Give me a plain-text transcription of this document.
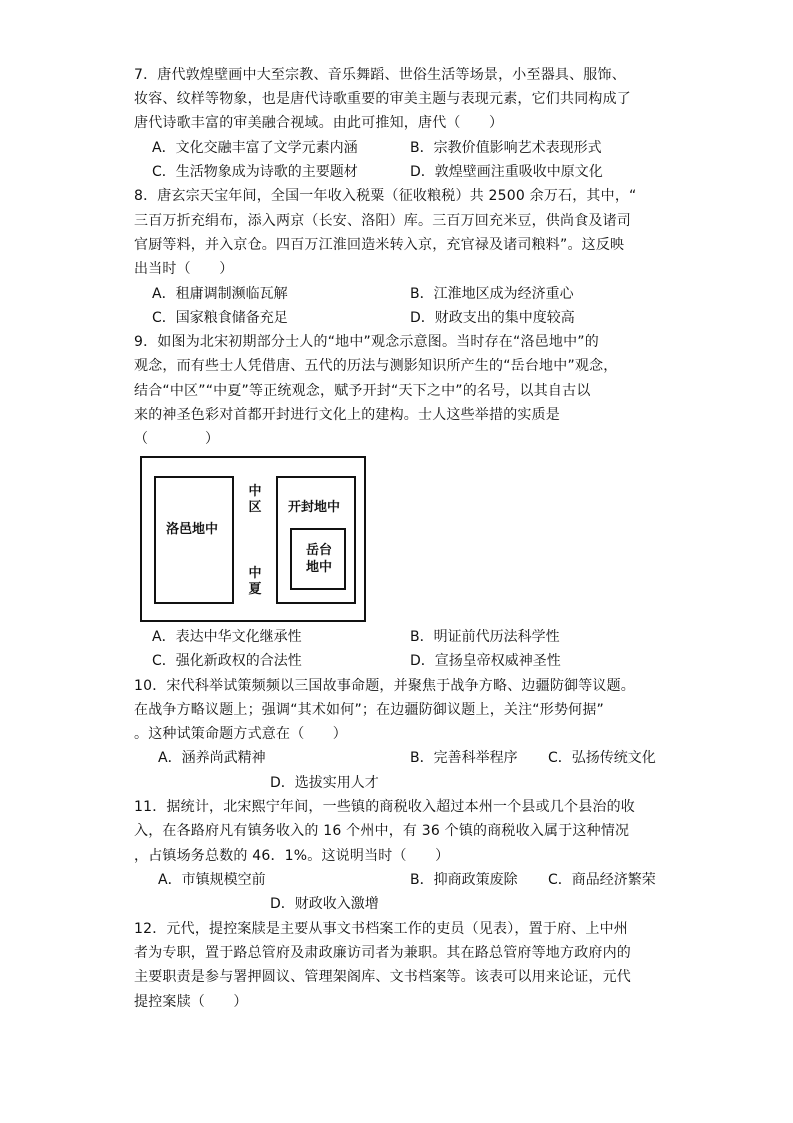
7．唐代敦煌壁画中大至宗教、音乐舞蹈、世俗生活等场景，小至器具、服饰、
妆容、纹样等物象，也是唐代诗歌重要的审美主题与表现元素，它们共同构成了
唐代诗歌丰富的审美融合视域。由此可推知，唐代（　　）
A．文化交融丰富了文学元素内涵	B．宗教价值影响艺术表现形式
C．生活物象成为诗歌的主要题材	D．敦煌壁画注重吸收中原文化
8．唐玄宗天宝年间，全国一年收入税粟（征收粮税）共 2500 余万石，其中，“
三百万折充绢布，添入两京（长安、洛阳）库。三百万回充米豆，供尚食及诸司
官厨等料，并入京仓。四百万江淮回造米转入京，充官禄及诸司粮料”。这反映
出当时（　　）
A．租庸调制濒临瓦解	B．江淮地区成为经济重心
C．国家粮食储备充足	D．财政支出的集中度较高
9．如图为北宋初期部分士人的“地中”观念示意图。当时存在“洛邑地中”的
观念，而有些士人凭借唐、五代的历法与测影知识所产生的“岳台地中”观念，
结合“中区”“中夏”等正统观念，赋予开封“天下之中”的名号，以其自古以
来的神圣色彩对首都开封进行文化上的建构。士人这些举措的实质是
（　　　　）
洛邑地中
中区
中夏
开封地中
岳台地中
A．表达中华文化继承性	B．明证前代历法科学性
C．强化新政权的合法性	D．宣扬皇帝权威神圣性
10．宋代科举试策频频以三国故事命题，并聚焦于战争方略、边疆防御等议题。
在战争方略议题上；强调“其术如何”；在边疆防御议题上，关注“形势何据”
。这种试策命题方式意在（　　）
A．涵养尚武精神	B．完善科举程序 C．弘扬传统文化
D．选拔实用人才
11．据统计，北宋熙宁年间，一些镇的商税收入超过本州一个县或几个县治的收
入，在各路府凡有镇务收入的 16 个州中，有 36 个镇的商税收入属于这种情况
，占镇场务总数的 46．1%。这说明当时（　　）
A．市镇规模空前	B．抑商政策废除 C．商品经济繁荣
D．财政收入激增
12．元代，提控案牍是主要从事文书档案工作的吏员（见表），置于府、上中州
者为专职，置于路总管府及肃政廉访司者为兼职。其在路总管府等地方政府内的
主要职责是参与署押圆议、管理架阁库、文书档案等。该表可以用来论证，元代
提控案牍（　　）
